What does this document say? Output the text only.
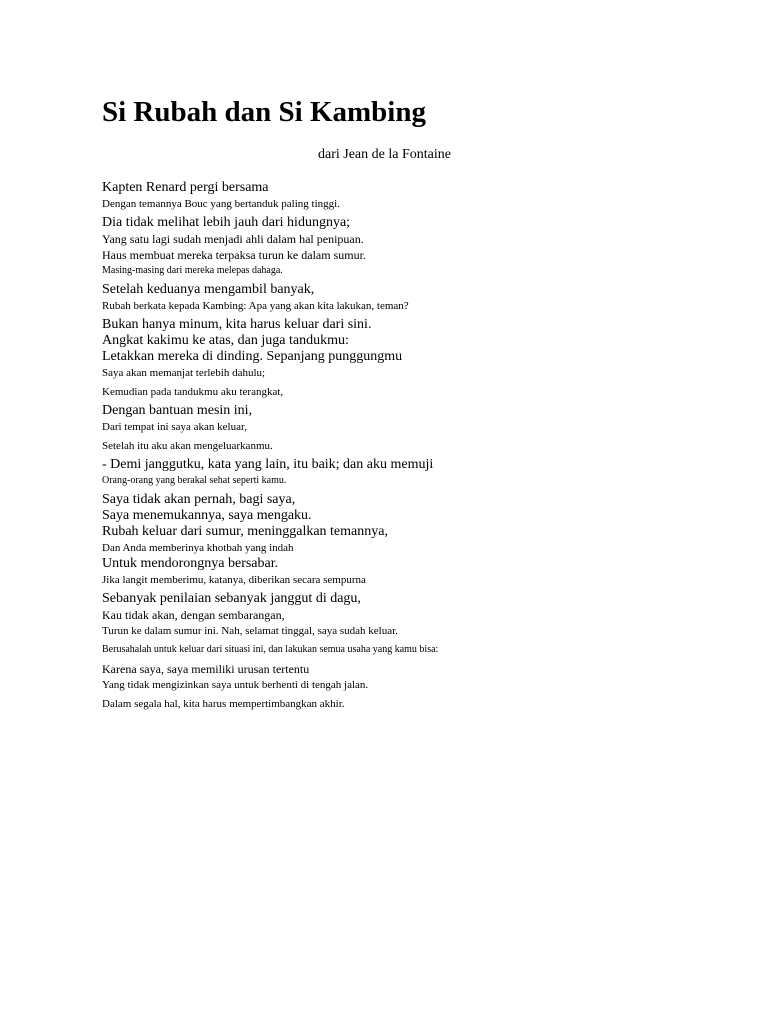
Si Rubah dan Si Kambing

dari Jean de la Fontaine

Kapten Renard pergi bersama
Dengan temannya Bouc yang bertanduk paling tinggi.
Dia tidak melihat lebih jauh dari hidungnya;
Yang satu lagi sudah menjadi ahli dalam hal penipuan.
Haus membuat mereka terpaksa turun ke dalam sumur.
Masing-masing dari mereka melepas dahaga.
Setelah keduanya mengambil banyak,
Rubah berkata kepada Kambing: Apa yang akan kita lakukan, teman?
Bukan hanya minum, kita harus keluar dari sini.
Angkat kakimu ke atas, dan juga tandukmu:
Letakkan mereka di dinding. Sepanjang punggungmu
Saya akan memanjat terlebih dahulu;
Kemudian pada tandukmu aku terangkat,
Dengan bantuan mesin ini,
Dari tempat ini saya akan keluar,
Setelah itu aku akan mengeluarkanmu.
- Demi janggutku, kata yang lain, itu baik; dan aku memuji
Orang-orang yang berakal sehat seperti kamu.
Saya tidak akan pernah, bagi saya,
Saya menemukannya, saya mengaku.
Rubah keluar dari sumur, meninggalkan temannya,
Dan Anda memberinya khotbah yang indah
Untuk mendorongnya bersabar.
Jika langit memberimu, katanya, diberikan secara sempurna
Sebanyak penilaian sebanyak janggut di dagu,
Kau tidak akan, dengan sembarangan,
Turun ke dalam sumur ini. Nah, selamat tinggal, saya sudah keluar.
Berusahalah untuk keluar dari situasi ini, dan lakukan semua usaha yang kamu bisa:
Karena saya, saya memiliki urusan tertentu
Yang tidak mengizinkan saya untuk berhenti di tengah jalan.
Dalam segala hal, kita harus mempertimbangkan akhir.
